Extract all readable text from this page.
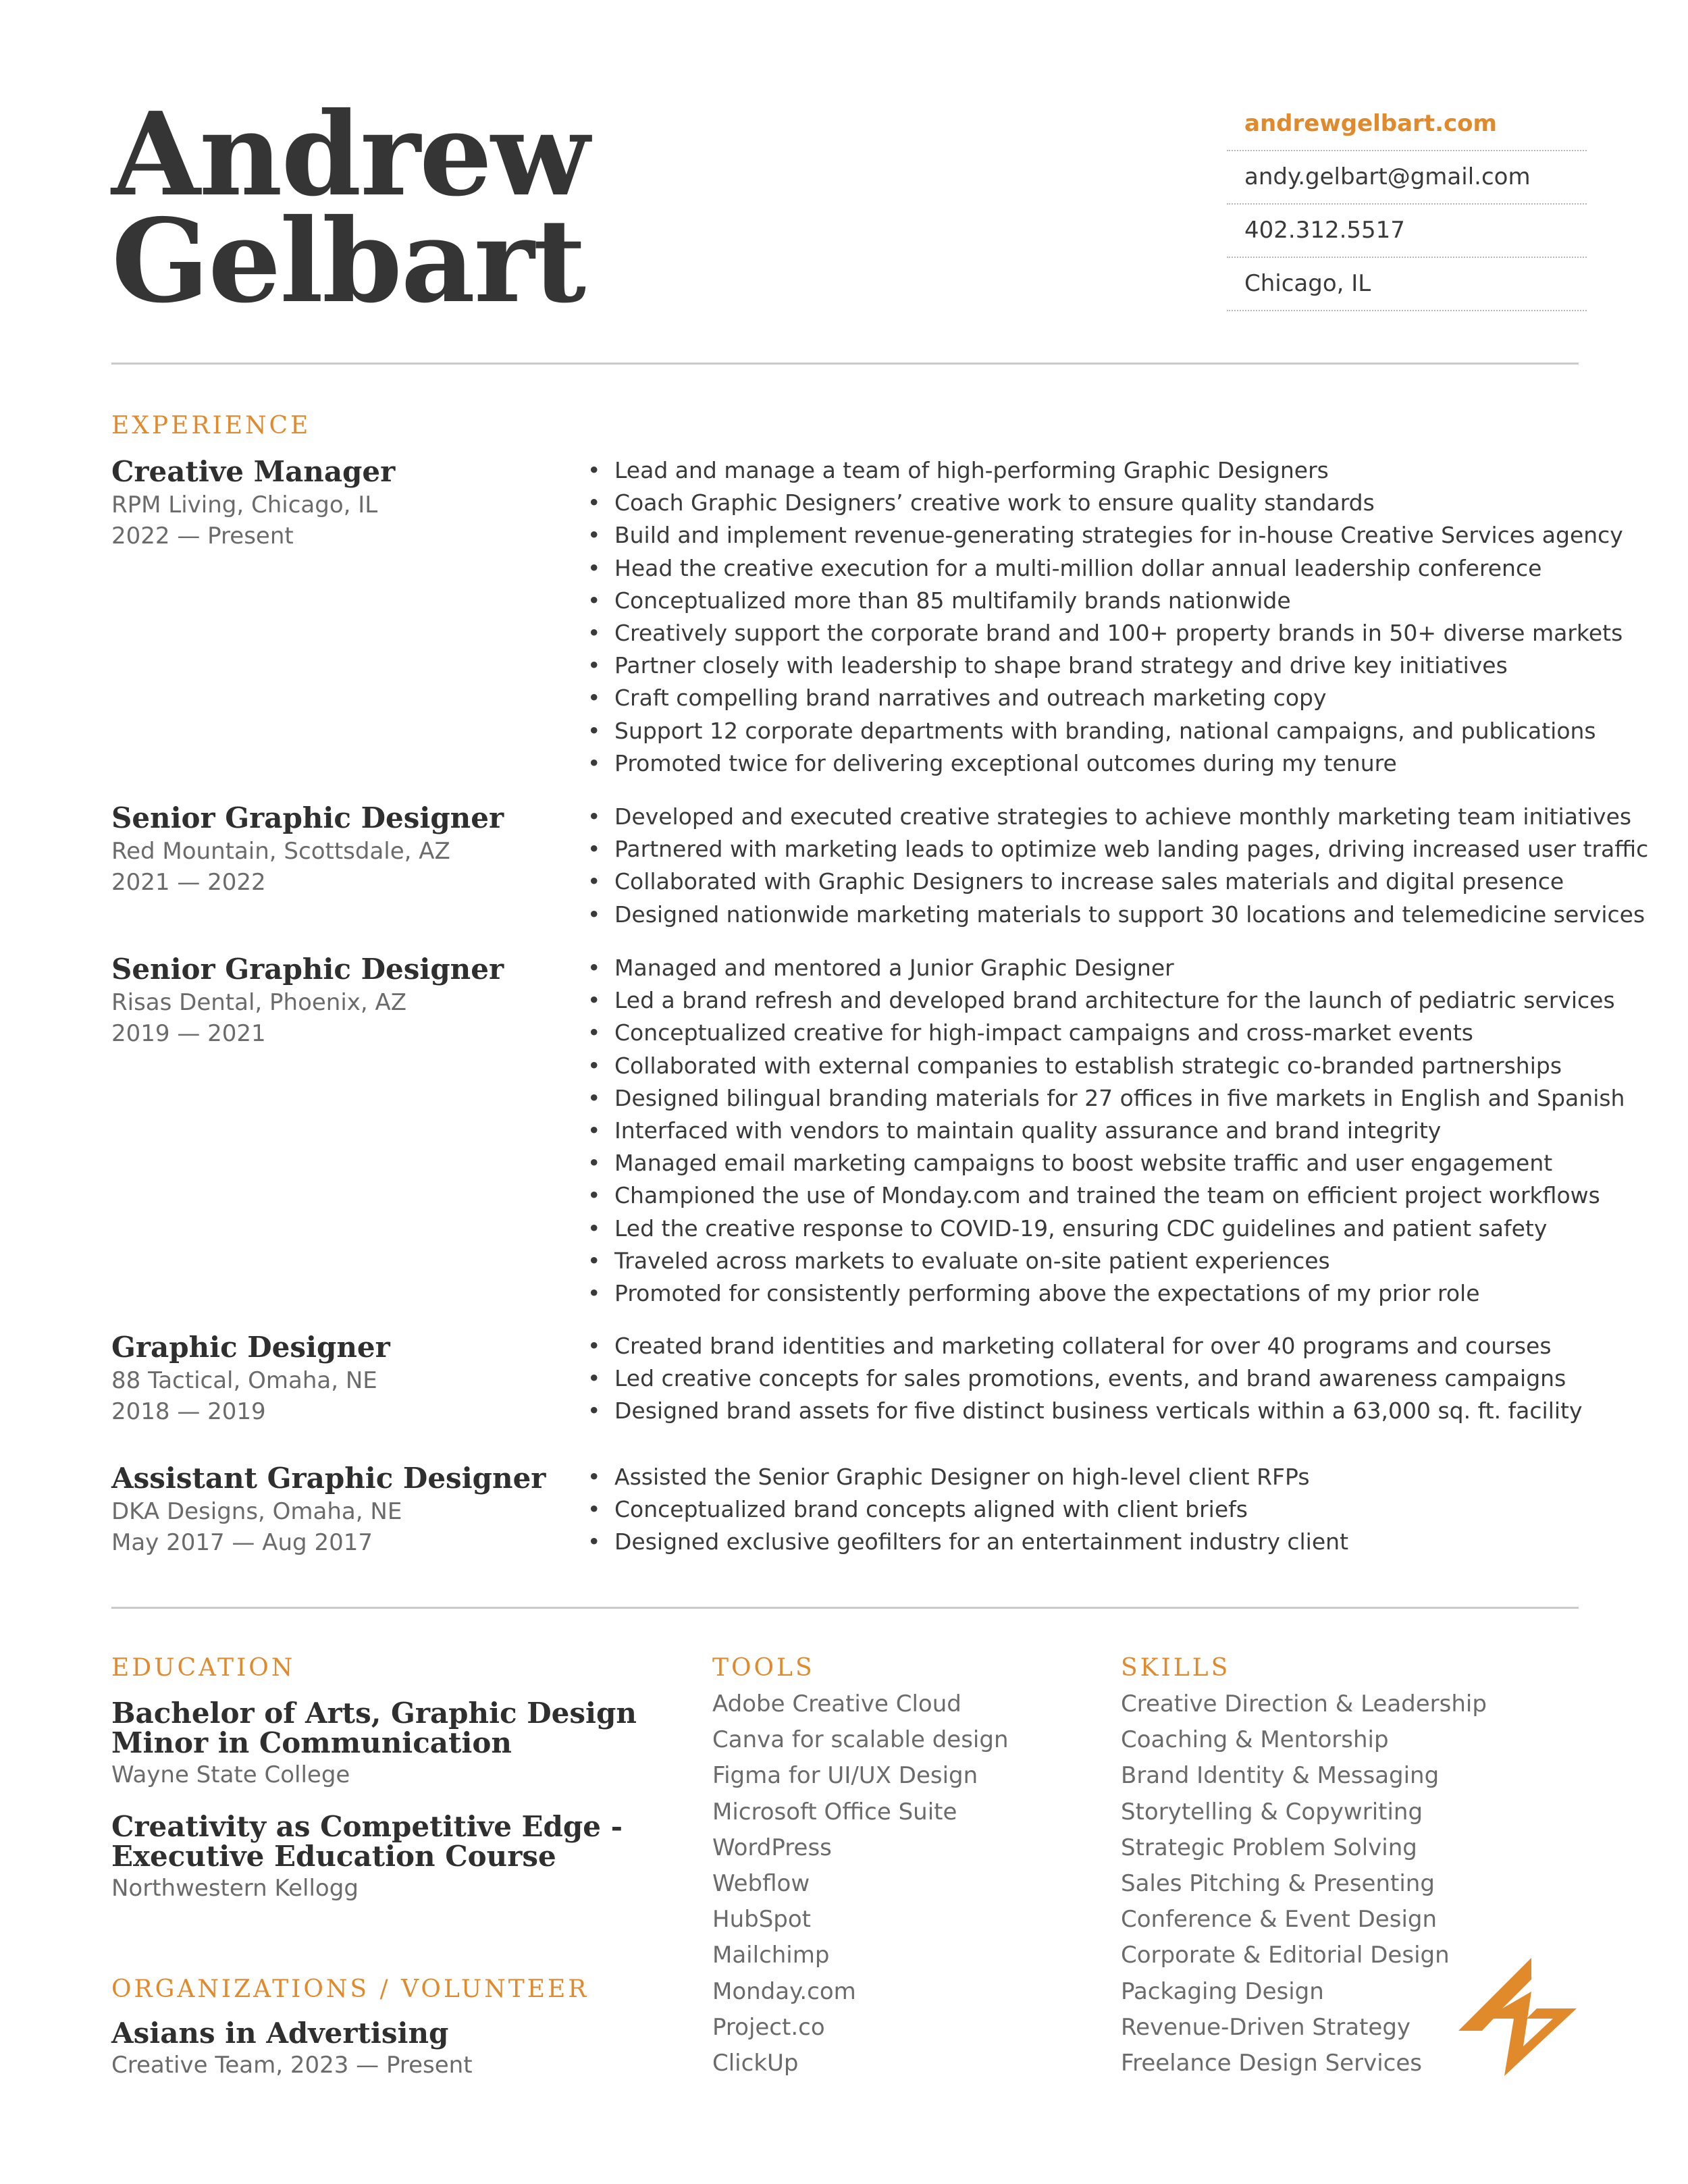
Andrew
Gelbart
andrewgelbart.com
andy.gelbart@gmail.com
402.312.5517
Chicago, IL
EXPERIENCE
Creative Manager
RPM Living, Chicago, IL
2022 — Present
• Lead and manage a team of high-performing Graphic Designers
• Coach Graphic Designers’ creative work to ensure quality standards
• Build and implement revenue-generating strategies for in-house Creative Services agency
• Head the creative execution for a multi-million dollar annual leadership conference
• Conceptualized more than 85 multifamily brands nationwide
• Creatively support the corporate brand and 100+ property brands in 50+ diverse markets
• Partner closely with leadership to shape brand strategy and drive key initiatives
• Craft compelling brand narratives and outreach marketing copy
• Support 12 corporate departments with branding, national campaigns, and publications
• Promoted twice for delivering exceptional outcomes during my tenure
Senior Graphic Designer
Red Mountain, Scottsdale, AZ
2021 — 2022
• Developed and executed creative strategies to achieve monthly marketing team initiatives
• Partnered with marketing leads to optimize web landing pages, driving increased user traffic
• Collaborated with Graphic Designers to increase sales materials and digital presence
• Designed nationwide marketing materials to support 30 locations and telemedicine services
Senior Graphic Designer
Risas Dental, Phoenix, AZ
2019 — 2021
• Managed and mentored a Junior Graphic Designer
• Led a brand refresh and developed brand architecture for the launch of pediatric services
• Conceptualized creative for high-impact campaigns and cross-market events
• Collaborated with external companies to establish strategic co-branded partnerships
• Designed bilingual branding materials for 27 offices in five markets in English and Spanish
• Interfaced with vendors to maintain quality assurance and brand integrity
• Managed email marketing campaigns to boost website traffic and user engagement
• Championed the use of Monday.com and trained the team on efficient project workflows
• Led the creative response to COVID-19, ensuring CDC guidelines and patient safety
• Traveled across markets to evaluate on-site patient experiences
• Promoted for consistently performing above the expectations of my prior role
Graphic Designer
88 Tactical, Omaha, NE
2018 — 2019
• Created brand identities and marketing collateral for over 40 programs and courses
• Led creative concepts for sales promotions, events, and brand awareness campaigns
• Designed brand assets for five distinct business verticals within a 63,000 sq. ft. facility
Assistant Graphic Designer
DKA Designs, Omaha, NE
May 2017 — Aug 2017
• Assisted the Senior Graphic Designer on high-level client RFPs
• Conceptualized brand concepts aligned with client briefs
• Designed exclusive geofilters for an entertainment industry client
EDUCATION
Bachelor of Arts, Graphic Design
Minor in Communication
Wayne State College
Creativity as Competitive Edge -
Executive Education Course
Northwestern Kellogg
ORGANIZATIONS / VOLUNTEER
Asians in Advertising
Creative Team, 2023 — Present
TOOLS
Adobe Creative Cloud
Canva for scalable design
Figma for UI/UX Design
Microsoft Office Suite
WordPress
Webflow
HubSpot
Mailchimp
Monday.com
Project.co
ClickUp
SKILLS
Creative Direction & Leadership
Coaching & Mentorship
Brand Identity & Messaging
Storytelling & Copywriting
Strategic Problem Solving
Sales Pitching & Presenting
Conference & Event Design
Corporate & Editorial Design
Packaging Design
Revenue-Driven Strategy
Freelance Design Services
